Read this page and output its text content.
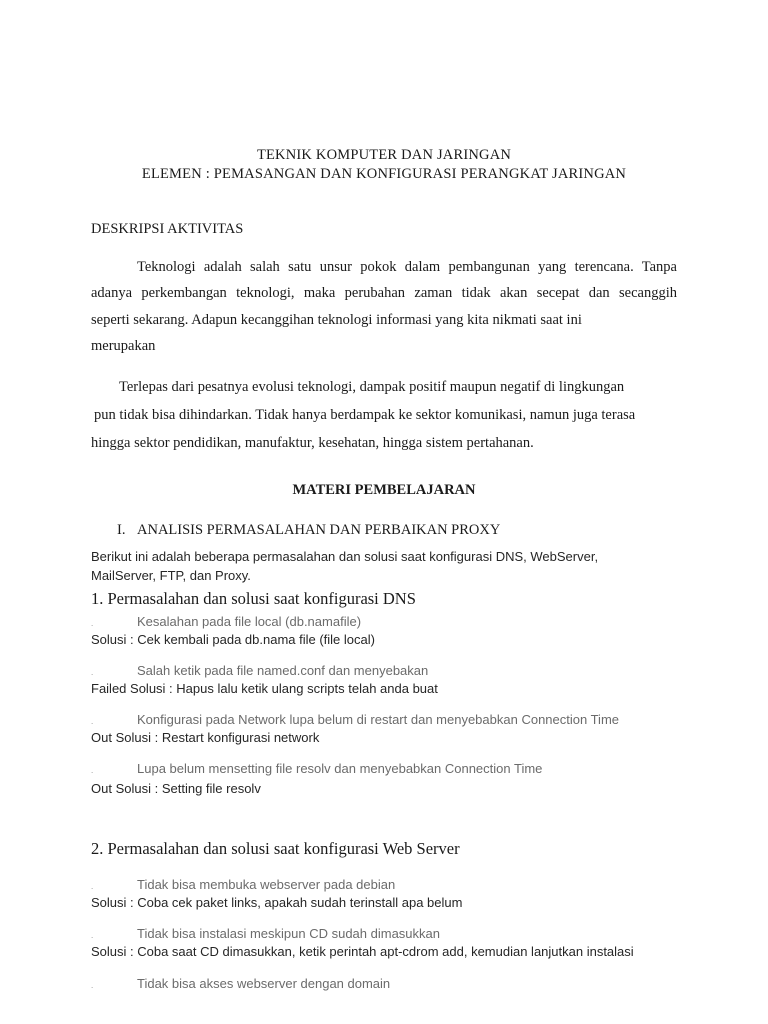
TEKNIK KOMPUTER DAN JARINGAN
ELEMEN : PEMASANGAN DAN KONFIGURASI PERANGKAT JARINGAN
DESKRIPSI AKTIVITAS
Teknologi adalah salah satu unsur pokok dalam pembangunan yang terencana. Tanpa
adanya perkembangan teknologi, maka perubahan zaman tidak akan secepat dan secanggih
seperti sekarang. Adapun kecanggihan teknologi informasi yang kita nikmati saat ini
merupakan
Terlepas dari pesatnya evolusi teknologi, dampak positif maupun negatif di lingkungan
pun tidak bisa dihindarkan. Tidak hanya berdampak ke sektor komunikasi, namun juga terasa
hingga sektor pendidikan, manufaktur, kesehatan, hingga sistem pertahanan.
MATERI PEMBELAJARAN
I. ANALISIS PERMASALAHAN DAN PERBAIKAN PROXY
Berikut ini adalah beberapa permasalahan dan solusi saat konfigurasi DNS, WebServer,
MailServer, FTP, dan Proxy.
1. Permasalahan dan solusi saat konfigurasi DNS
.	Kesalahan pada file local (db.namafile)
Solusi : Cek kembali pada db.nama file (file local)
.	Salah ketik pada file named.conf dan menyebakan
Failed Solusi : Hapus lalu ketik ulang scripts telah anda buat
.	Konfigurasi pada Network lupa belum di restart dan menyebabkan Connection Time
Out Solusi : Restart konfigurasi network
.	Lupa belum mensetting file resolv dan menyebabkan Connection Time
Out Solusi : Setting file resolv
2. Permasalahan dan solusi saat konfigurasi Web Server
.	Tidak bisa membuka webserver pada debian
Solusi : Coba cek paket links, apakah sudah terinstall apa belum
.	Tidak bisa instalasi meskipun CD sudah dimasukkan
Solusi : Coba saat CD dimasukkan, ketik perintah apt-cdrom add, kemudian lanjutkan instalasi
.	Tidak bisa akses webserver dengan domain
